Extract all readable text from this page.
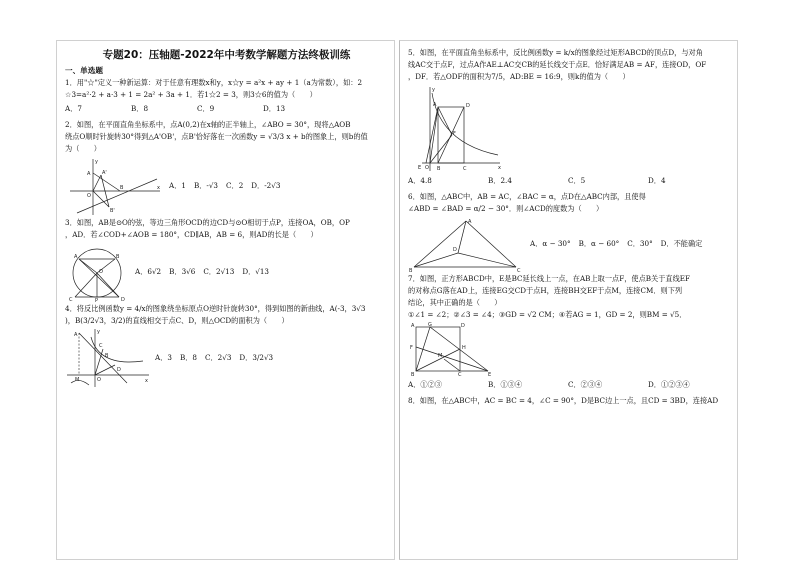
专题20：压轴题-2022年中考数学解题方法终极训练
一、单选题

1．用"☆"定义一种新运算：对于任意有理数x和y，x☆y = a²x + ay + 1（a为常数），如：2

☆3=a²·2 + a·3 + 1 = 2a² + 3a + 1．若1☆2 = 3，则3☆6的值为（　　）

A．7	B．8	C．9	D．13

2．如图，在平面直角坐标系中，点A(0,2)在x轴的正半轴上，∠ABO = 30°，现将△AOB

绕点O顺时针旋转30°得到△A'OB'，点B'恰好落在一次函数y = √3/3 x + b的图象上，则b的值

为（　　）

y
A A'
O
B
B'
x A．1 B．-√3 C．2 D．-2√3

3．如图，AB是⊙O的弦，等边三角形OCD的边CD与⊙O相切于点P，连接OA，OB，OP

，AD．若∠COD+∠AOB = 180°，CD∥AB，AB = 6，则AD的长是（　　）

A	B
O
C	P	D
A．6√2 B．3√6 C．2√13 D．√13

4．将反比例函数y = 4/x的图象绕坐标原点O逆时针旋转30°，得到如图的新曲线，A(-3，3√3

)，B(3/2√3，3/2)的直线相交于点C、D，则△OCD的面积为（　　）

y
A
C
B
O
D
M	x
A．3 B．8 C．2√3 D．3/2√3

5．如图，在平面直角坐标系中，反比例函数y = k/x的图象经过矩形ABCD的顶点D，与对角

线AC交于点F，过点A作AE⊥AC交CB的延长线交于点E．恰好满足AB = AF，连接OD，OF

，DF．若△ODF的面积为7/5，AD:BE = 16:9，则k的值为（　　）

y
D
A
F
O
E	B	C	x
A．4.8	B．2.4	C．5	D．4

6．如图，△ABC中，AB = AC，∠BAC = α，点D在△ABC内部，且使得

∠ABD = ∠BAD = α/2 − 30°．则∠ACD的度数为（　　）

A
D
B	C
A．α − 30° B．α − 60° C．30° D．不能确定

7．如图，正方形ABCD中，E是BC延长线上一点，在AB上取一点F，使点B关于直线EF

的对称点G落在AD上，连接EG交CD于点H，连接BH交EF于点M，连接CM．则下列

结论，其中正确的是（　　）

①∠1 = ∠2；②∠3 = ∠4；③GD = √2 CM；④若AG = 1，GD = 2，则BM = √5．

A	G	D
F	H
M
B	C	E
A．①②③	B．①③④	C．②③④	D．①②③④

8．如图，在△ABC中，AC = BC = 4，∠C = 90°，D是BC边上一点，且CD = 3BD，连接AD
